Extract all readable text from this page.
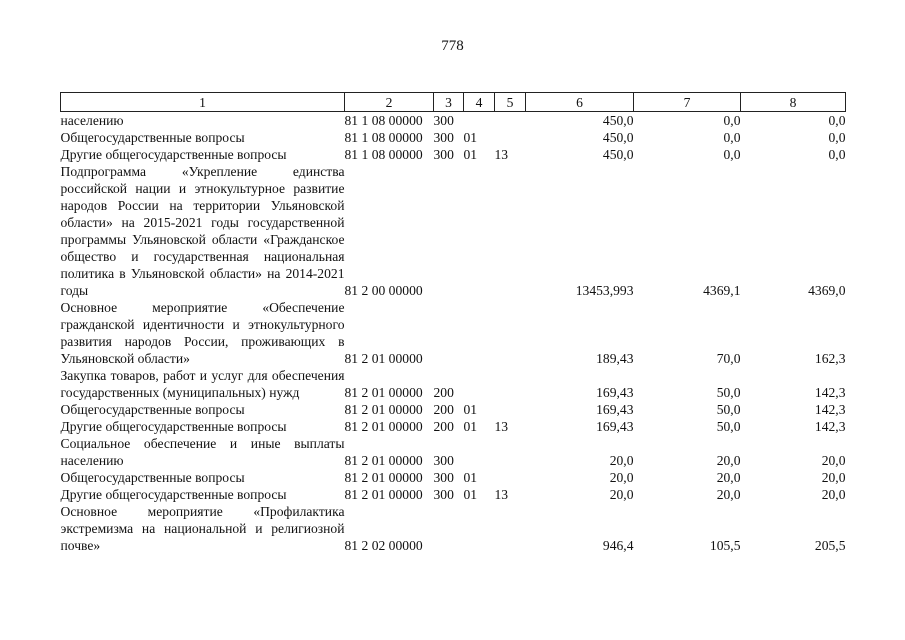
778
1	2	3	4	5	6	7	8
населению	81 1 08 00000	300			450,0	0,0	0,0
Общегосударственные вопросы	81 1 08 00000	300	01		450,0	0,0	0,0
Другие общегосударственные вопросы	81 1 08 00000	300	01	13	450,0	0,0	0,0
Подпрограмма «Укрепление единства российской нации и этнокультурное развитие народов России на территории Ульяновской области» на 2015-2021 годы государственной программы Ульяновской области «Гражданское общество и государственная национальная политика в Ульяновской области» на 2014-2021 годы	81 2 00 00000				13453,993	4369,1	4369,0
Основное мероприятие «Обеспечение гражданской идентичности и этнокультурного развития народов России, проживающих в Ульяновской области»	81 2 01 00000				189,43	70,0	162,3
Закупка товаров, работ и услуг для обеспечения государственных (муниципальных) нужд	81 2 01 00000	200			169,43	50,0	142,3
Общегосударственные вопросы	81 2 01 00000	200	01		169,43	50,0	142,3
Другие общегосударственные вопросы	81 2 01 00000	200	01	13	169,43	50,0	142,3
Социальное обеспечение и иные выплаты населению	81 2 01 00000	300			20,0	20,0	20,0
Общегосударственные вопросы	81 2 01 00000	300	01		20,0	20,0	20,0
Другие общегосударственные вопросы	81 2 01 00000	300	01	13	20,0	20,0	20,0
Основное мероприятие «Профилактика экстремизма на национальной и религиозной почве»	81 2 02 00000				946,4	105,5	205,5
